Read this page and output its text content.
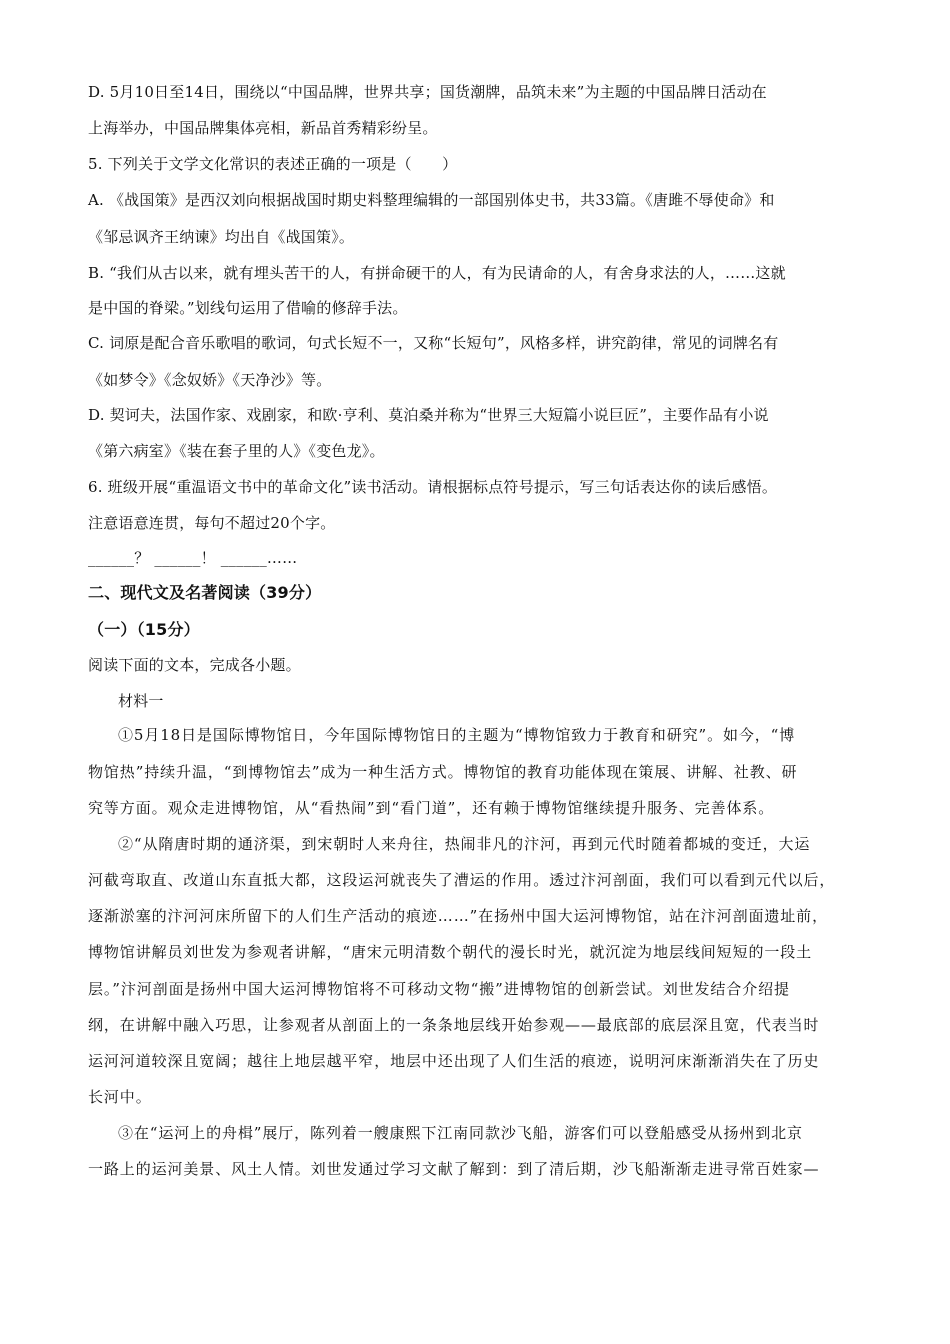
D. 5月10日至14日，围绕以“中国品牌，世界共享；国货潮牌，品筑未来”为主题的中国品牌日活动在

上海举办，中国品牌集体亮相，新品首秀精彩纷呈。

5. 下列关于文学文化常识的表述正确的一项是（　　）

A. 《战国策》是西汉刘向根据战国时期史料整理编辑的一部国别体史书，共33篇。《唐雎不辱使命》和

《邹忌讽齐王纳谏》均出自《战国策》。

B. “我们从古以来，就有埋头苦干的人，有拼命硬干的人，有为民请命的人，有舍身求法的人，……这就

是中国的脊梁。”划线句运用了借喻的修辞手法。

C. 词原是配合音乐歌唱的歌词，句式长短不一，又称“长短句”，风格多样，讲究韵律，常见的词牌名有

《如梦令》《念奴娇》《天净沙》等。

D. 契诃夫，法国作家、戏剧家，和欧·亨利、莫泊桑并称为“世界三大短篇小说巨匠”，主要作品有小说

《第六病室》《装在套子里的人》《变色龙》。

6. 班级开展“重温语文书中的革命文化”读书活动。请根据标点符号提示，写三句话表达你的读后感悟。

注意语意连贯，每句不超过20个字。

______？ ______！ ______……

二、现代文及名著阅读（39分）

（一）（15分）

阅读下面的文本，完成各小题。

材料一

①5月18日是国际博物馆日，今年国际博物馆日的主题为“博物馆致力于教育和研究”。如今，“博

物馆热”持续升温，“到博物馆去”成为一种生活方式。博物馆的教育功能体现在策展、讲解、社教、研

究等方面。观众走进博物馆，从“看热闹”到“看门道”，还有赖于博物馆继续提升服务、完善体系。

②“从隋唐时期的通济渠，到宋朝时人来舟往，热闹非凡的汴河，再到元代时随着都城的变迁，大运

河截弯取直、改道山东直抵大都，这段运河就丧失了漕运的作用。透过汴河剖面，我们可以看到元代以后，

逐渐淤塞的汴河河床所留下的人们生产活动的痕迹……”在扬州中国大运河博物馆，站在汴河剖面遗址前，

博物馆讲解员刘世发为参观者讲解，“唐宋元明清数个朝代的漫长时光，就沉淀为地层线间短短的一段土

层。”汴河剖面是扬州中国大运河博物馆将不可移动文物“搬”进博物馆的创新尝试。刘世发结合介绍提

纲，在讲解中融入巧思，让参观者从剖面上的一条条地层线开始参观——最底部的底层深且宽，代表当时

运河河道较深且宽阔；越往上地层越平窄，地层中还出现了人们生活的痕迹，说明河床渐渐消失在了历史

长河中。

③在“运河上的舟楫”展厅，陈列着一艘康熙下江南同款沙飞船，游客们可以登船感受从扬州到北京

一路上的运河美景、风土人情。刘世发通过学习文献了解到：到了清后期，沙飞船渐渐走进寻常百姓家—
